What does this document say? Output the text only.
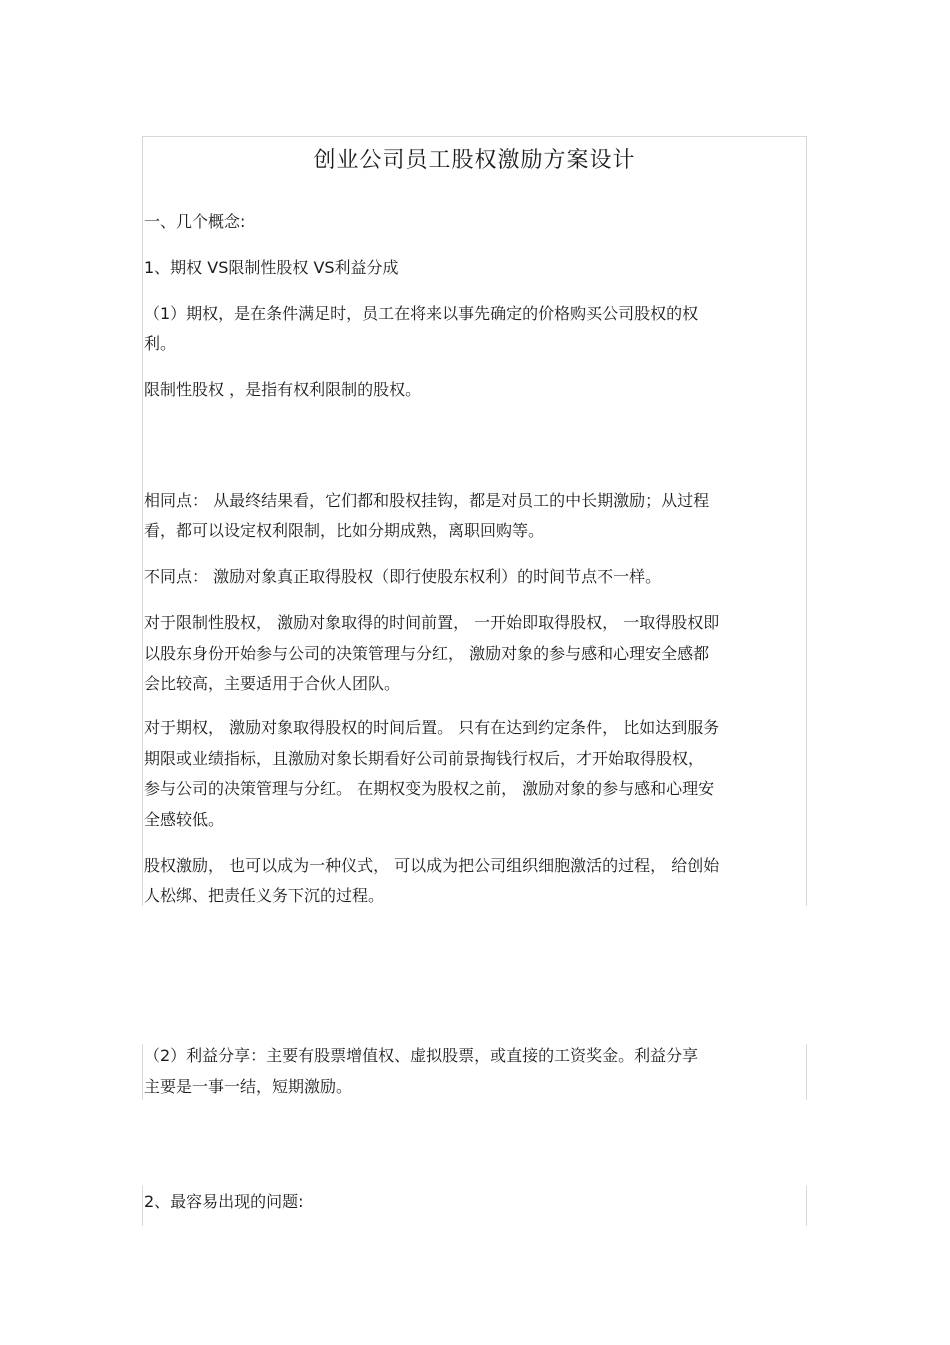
创业公司员工股权激励方案设计
一、几个概念:
1、期权 VS限制性股权 VS利益分成
（1）期权，是在条件满足时，员工在将来以事先确定的价格购买公司股权的权
利。
限制性股权 ，是指有权利限制的股权。
相同点： 从最终结果看，它们都和股权挂钩，都是对员工的中长期激励；从过程
看，都可以设定权利限制，比如分期成熟，离职回购等。
不同点： 激励对象真正取得股权（即行使股东权利）的时间节点不一样。
对于限制性股权， 激励对象取得的时间前置， 一开始即取得股权， 一取得股权即
以股东身份开始参与公司的决策管理与分红， 激励对象的参与感和心理安全感都
会比较高，主要适用于合伙人团队。
对于期权， 激励对象取得股权的时间后置。 只有在达到约定条件， 比如达到服务
期限或业绩指标，且激励对象长期看好公司前景掏钱行权后，才开始取得股权，
参与公司的决策管理与分红。 在期权变为股权之前， 激励对象的参与感和心理安
全感较低。
股权激励， 也可以成为一种仪式， 可以成为把公司组织细胞激活的过程， 给创始
人松绑、把责任义务下沉的过程。
（2）利益分享：主要有股票增值权、虚拟股票，或直接的工资奖金。利益分享
主要是一事一结，短期激励。
2、最容易出现的问题:
